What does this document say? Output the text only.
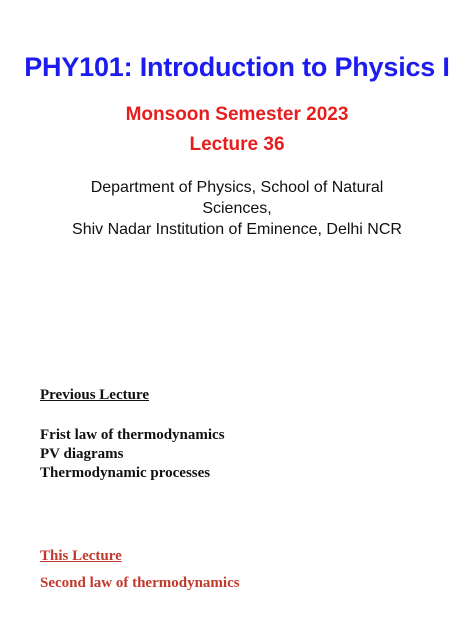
PHY101: Introduction to Physics I
Monsoon Semester 2023
Lecture 36
Department of Physics, School of Natural
Sciences,
Shiv Nadar Institution of Eminence, Delhi NCR
Previous Lecture
Frist law of thermodynamics
PV diagrams
Thermodynamic processes
This Lecture
Second law of thermodynamics
